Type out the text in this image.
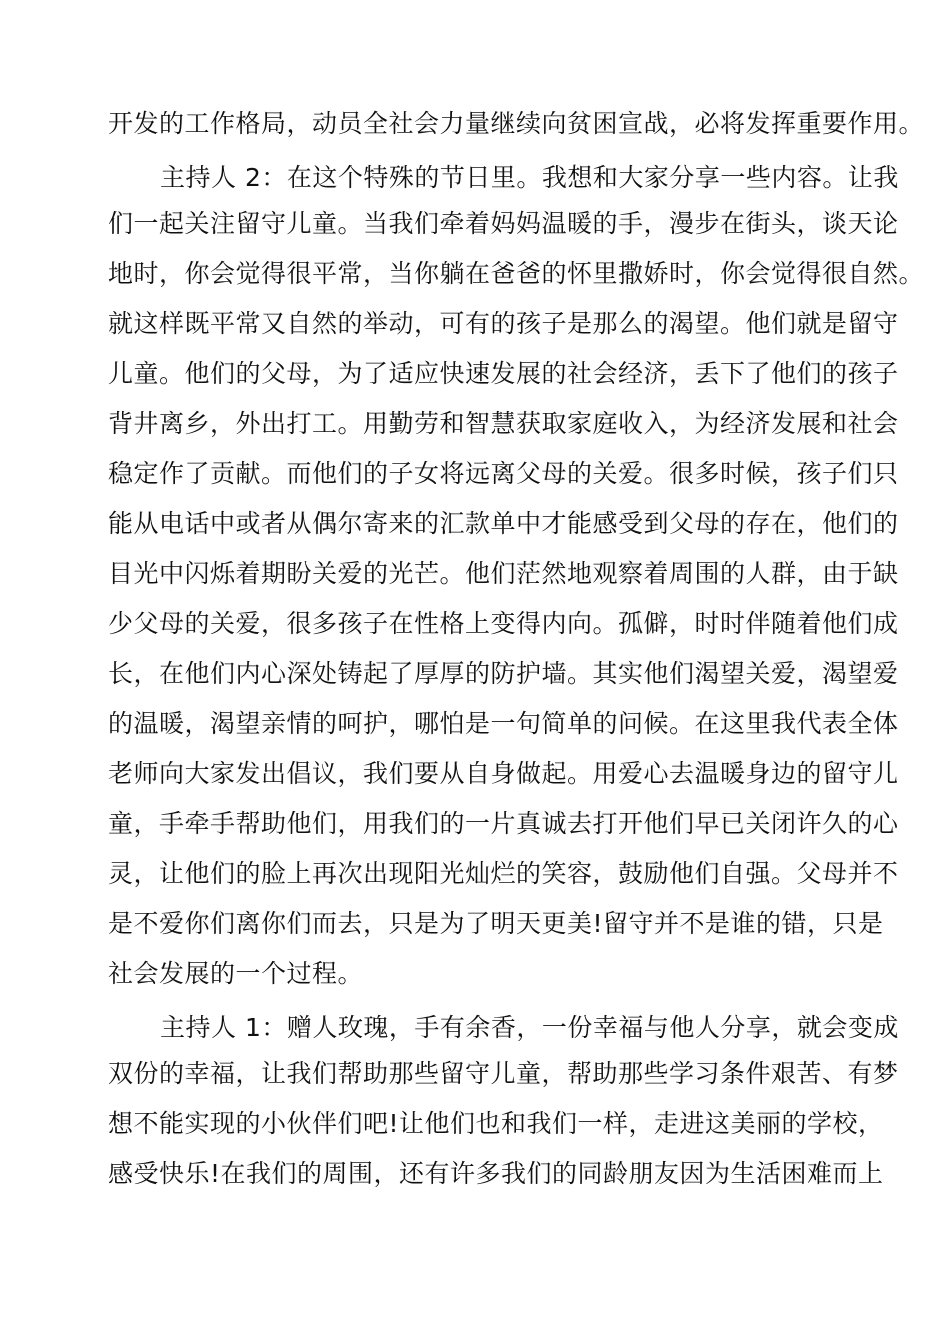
开发的工作格局，动员全社会力量继续向贫困宣战，必将发挥重要作用。
主持人 2：在这个特殊的节日里。我想和大家分享一些内容。让我
们一起关注留守儿童。当我们牵着妈妈温暖的手，漫步在街头，谈天论
地时，你会觉得很平常，当你躺在爸爸的怀里撒娇时，你会觉得很自然。
就这样既平常又自然的举动，可有的孩子是那么的渴望。他们就是留守
儿童。他们的父母，为了适应快速发展的社会经济，丢下了他们的孩子
背井离乡，外出打工。用勤劳和智慧获取家庭收入，为经济发展和社会
稳定作了贡献。而他们的子女将远离父母的关爱。很多时候，孩子们只
能从电话中或者从偶尔寄来的汇款单中才能感受到父母的存在，他们的
目光中闪烁着期盼关爱的光芒。他们茫然地观察着周围的人群，由于缺
少父母的关爱，很多孩子在性格上变得内向。孤僻，时时伴随着他们成
长，在他们内心深处铸起了厚厚的防护墙。其实他们渴望关爱，渴望爱
的温暖，渴望亲情的呵护，哪怕是一句简单的问候。在这里我代表全体
老师向大家发出倡议，我们要从自身做起。用爱心去温暖身边的留守儿
童，手牵手帮助他们，用我们的一片真诚去打开他们早已关闭许久的心
灵，让他们的脸上再次出现阳光灿烂的笑容，鼓励他们自强。父母并不
是不爱你们离你们而去，只是为了明天更美!留守并不是谁的错，只是
社会发展的一个过程。
主持人 1：赠人玫瑰，手有余香，一份幸福与他人分享，就会变成
双份的幸福，让我们帮助那些留守儿童，帮助那些学习条件艰苦、有梦
想不能实现的小伙伴们吧!让他们也和我们一样，走进这美丽的学校，
感受快乐!在我们的周围，还有许多我们的同龄朋友因为生活困难而上
